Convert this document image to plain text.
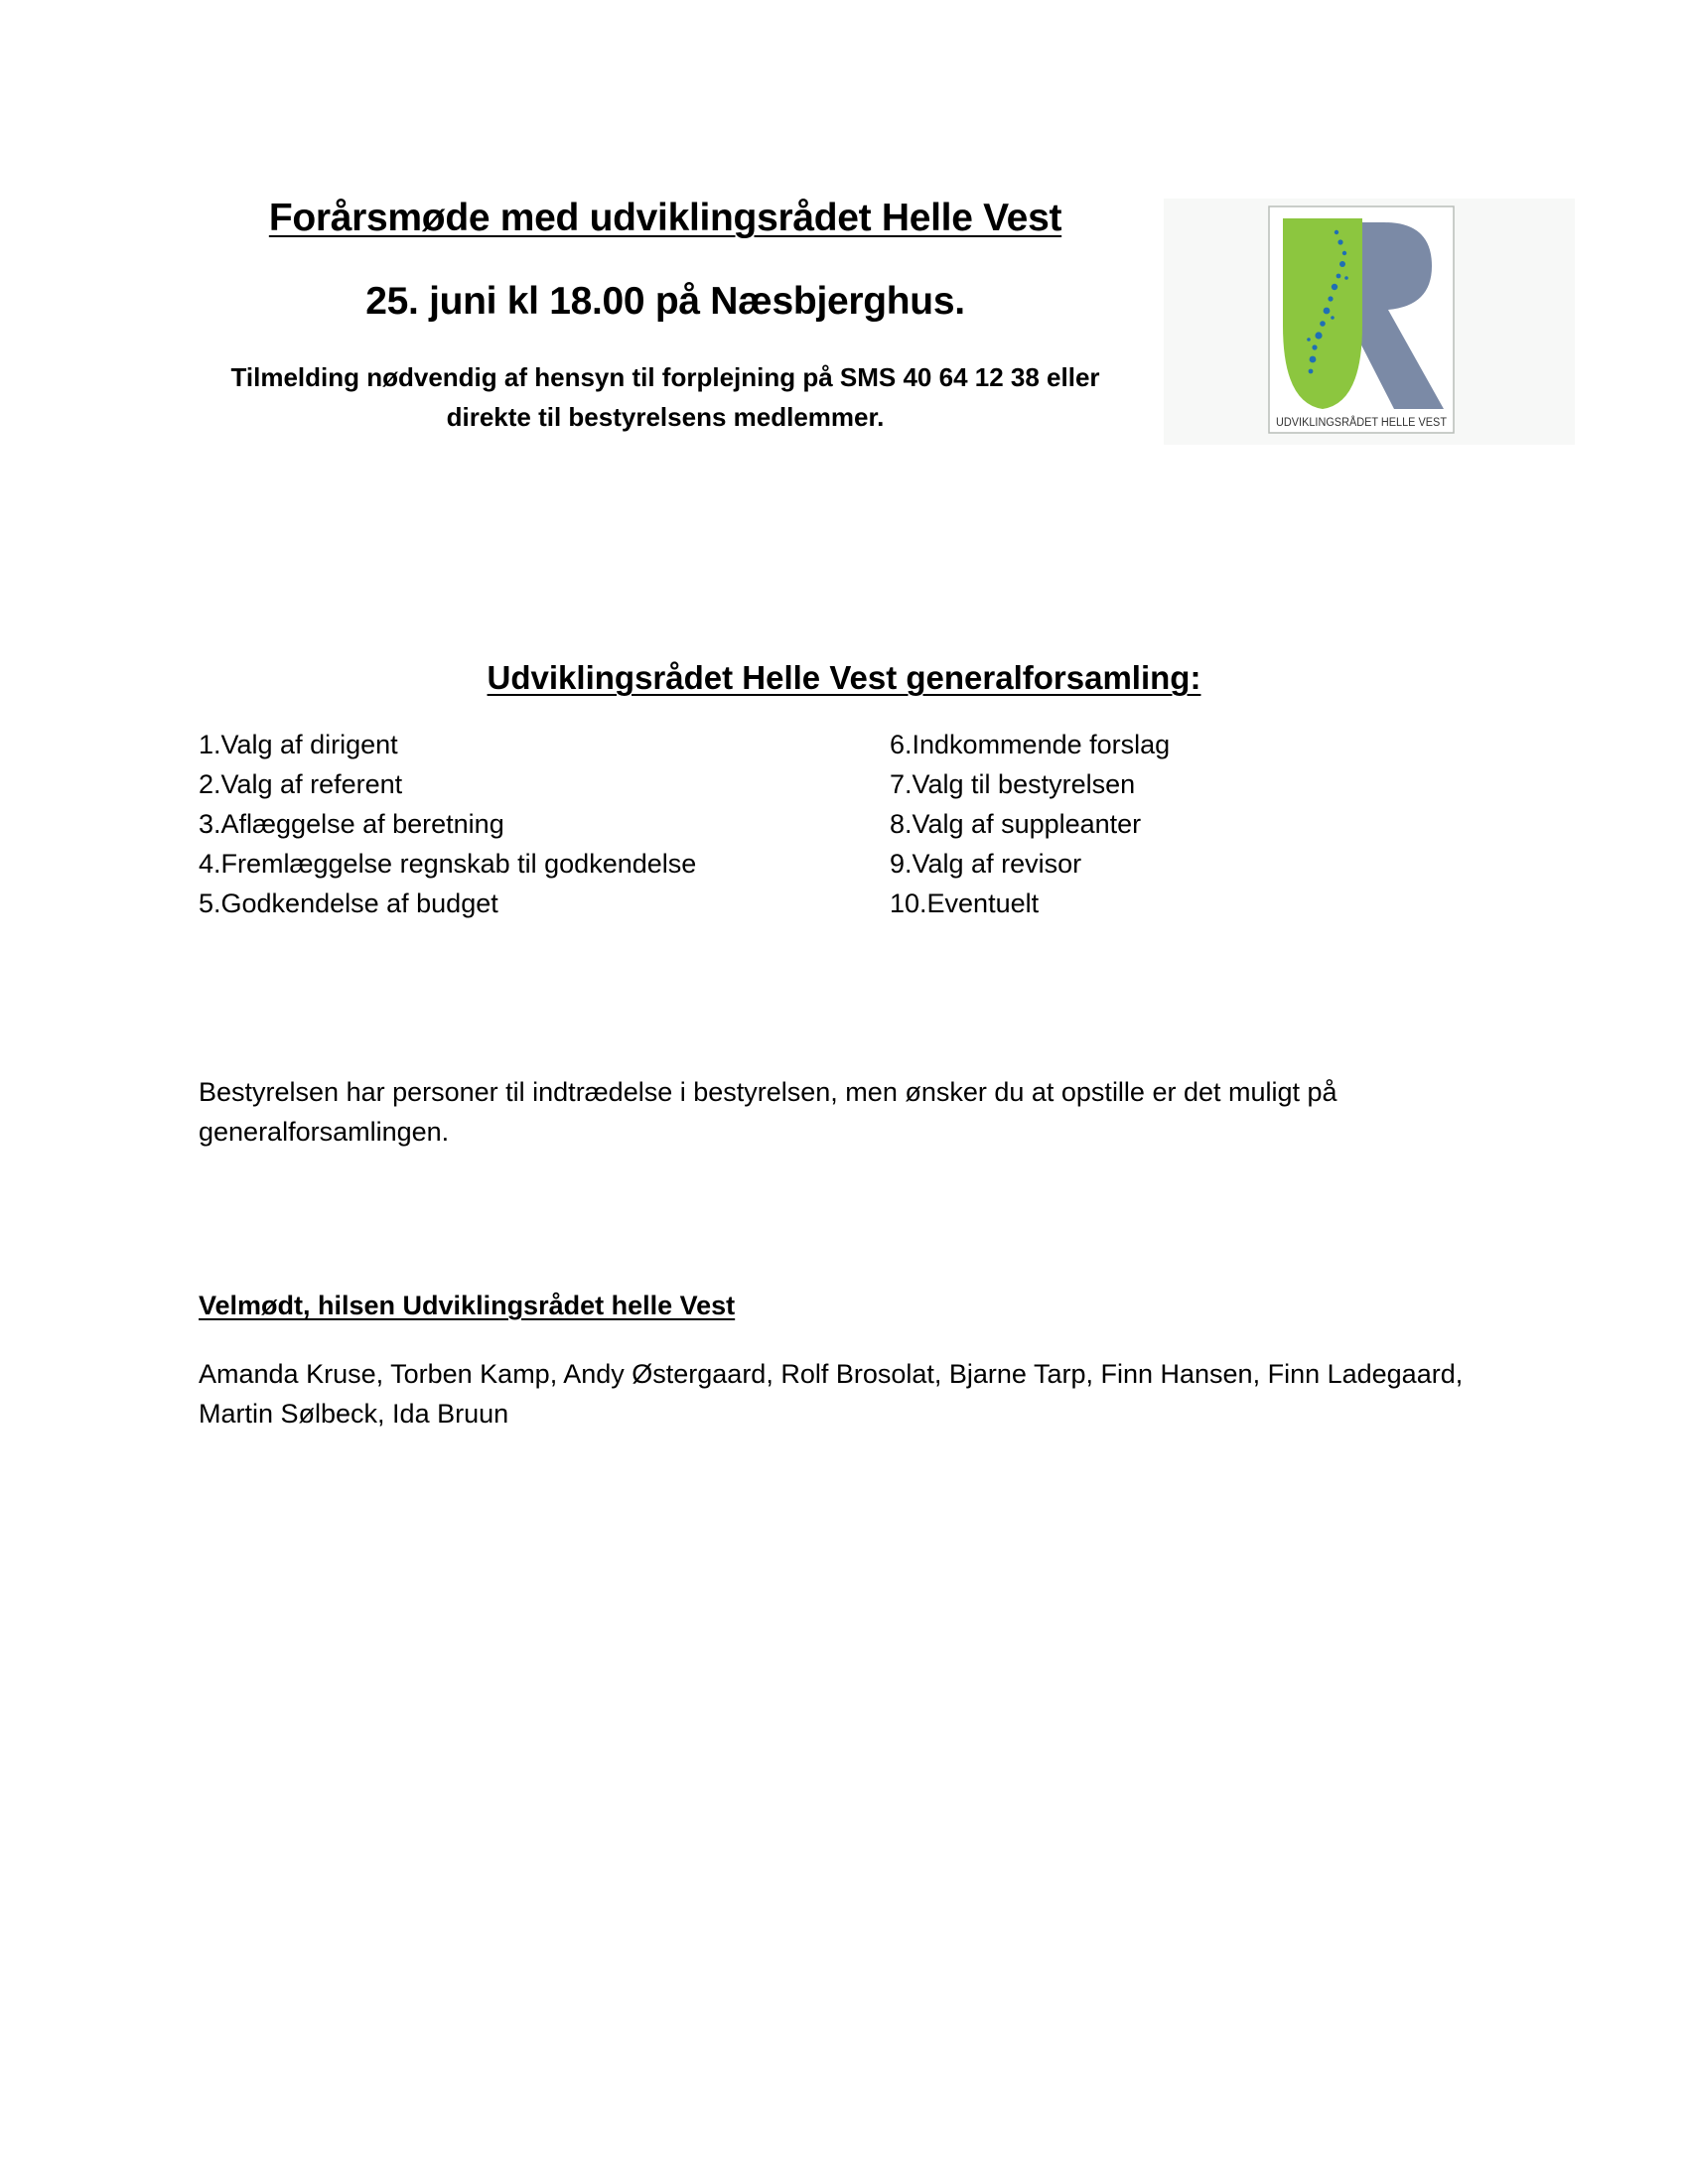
Forårsmøde med udviklingsrådet Helle Vest
25. juni kl 18.00 på Næsbjerghus.
Tilmelding nødvendig af hensyn til forplejning på SMS 40 64 12 38 eller
direkte til bestyrelsens medlemmer.	UDVIKLINGSRÅDET HELLE VEST
Udviklingsrådet Helle Vest generalforsamling:
1.Valg af dirigent
2.Valg af referent
3.Aflæggelse af beretning
4.Fremlæggelse regnskab til godkendelse
5.Godkendelse af budget
6.Indkommende forslag
7.Valg til bestyrelsen
8.Valg af suppleanter
9.Valg af revisor
10.Eventuelt
Bestyrelsen har personer til indtrædelse i bestyrelsen, men ønsker du at opstille er det muligt på
generalforsamlingen.
Velmødt, hilsen Udviklingsrådet helle Vest
Amanda Kruse, Torben Kamp, Andy Østergaard, Rolf Brosolat, Bjarne Tarp, Finn Hansen, Finn Ladegaard,
Martin Sølbeck, Ida Bruun
